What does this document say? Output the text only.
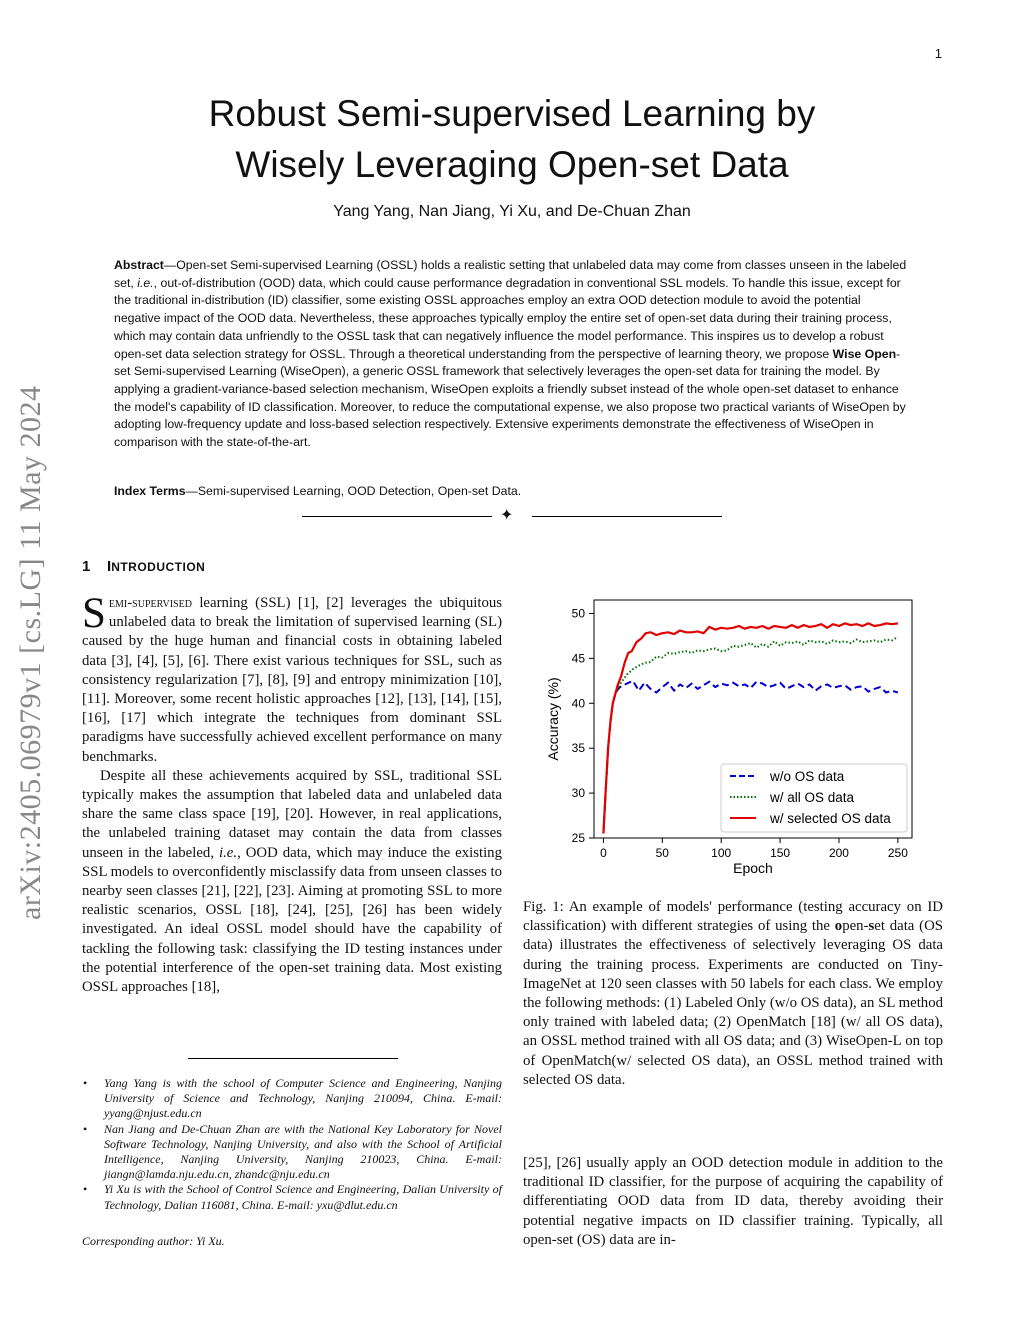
1
Robust Semi-supervised Learning by
Wisely Leveraging Open-set Data
Yang Yang, Nan Jiang, Yi Xu, and De-Chuan Zhan

Abstract—Open-set Semi-supervised Learning (OSSL) holds a realistic setting that unlabeled data may come from classes unseen in the labeled set, i.e., out-of-distribution (OOD) data, which could cause performance degradation in conventional SSL models. To handle this issue, except for the traditional in-distribution (ID) classifier, some existing OSSL approaches employ an extra OOD detection module to avoid the potential negative impact of the OOD data. Nevertheless, these approaches typically employ the entire set of open-set data during their training process, which may contain data unfriendly to the OSSL task that can negatively influence the model performance. This inspires us to develop a robust open-set data selection strategy for OSSL. Through a theoretical understanding from the perspective of learning theory, we propose Wise Open-set Semi-supervised Learning (WiseOpen), a generic OSSL framework that selectively leverages the open-set data for training the model. By applying a gradient-variance-based selection mechanism, WiseOpen exploits a friendly subset instead of the whole open-set dataset to enhance the model's capability of ID classification. Moreover, to reduce the computational expense, we also propose two practical variants of WiseOpen by adopting low-frequency update and loss-based selection respectively. Extensive experiments demonstrate the effectiveness of WiseOpen in comparison with the state-of-the-art.

Index Terms—Semi-supervised Learning, OOD Detection, Open-set Data.

✦
arXiv:2405.06979v1 [cs.LG] 11 May 2024 1 INTRODUCTION

Semi-supervised learning (SSL) [1], [2] leverages the ubiquitous unlabeled data to break the limitation of supervised learning (SL) caused by the huge human and financial costs in obtaining labeled data [3], [4], [5], [6]. There exist various techniques for SSL, such as consistency regularization [7], [8], [9] and entropy minimization [10], [11]. Moreover, some recent holistic approaches [12], [13], [14], [15], [16], [17] which integrate the techniques from dominant SSL paradigms have successfully achieved excellent performance on many benchmarks.

Despite all these achievements acquired by SSL, traditional SSL typically makes the assumption that labeled data and unlabeled data share the same class space [19], [20]. However, in real applications, the unlabeled training dataset may contain the data from classes unseen in the labeled, i.e., OOD data, which may induce the existing SSL models to overconfidently misclassify data from unseen classes to nearby seen classes [21], [22], [23]. Aiming at promoting SSL to more realistic scenarios, OSSL [18], [24], [25], [26] has been widely investigated. An ideal OSSL model should have the capability of tackling the following task: classifying the ID testing instances under the potential interference of the open-set training data. Most existing OSSL approaches [18],

• Yang Yang is with the school of Computer Science and Engineering, Nanjing University of Science and Technology, Nanjing 210094, China. E-mail: yyang@njust.edu.cn
• Nan Jiang and De-Chuan Zhan are with the National Key Laboratory for Novel Software Technology, Nanjing University, and also with the School of Artificial Intelligence, Nanjing University, Nanjing 210023, China. E-mail: jiangn@lamda.nju.edu.cn, zhandc@nju.edu.cn
• Yi Xu is with the School of Control Science and Engineering, Dalian University of Technology, Dalian 116081, China. E-mail: yxu@dlut.edu.cn
Corresponding author: Yi Xu.
0	50	100	150	200	250
25
30
35
40
45
50
Epoch
Accuracy (%)
w/o OS data
w/ all OS data
w/ selected OS data

Fig. 1: An example of models' performance (testing accuracy on ID classification) with different strategies of using the open-set data (OS data) illustrates the effectiveness of selectively leveraging OS data during the training process. Experiments are conducted on Tiny-ImageNet at 120 seen classes with 50 labels for each class. We employ the following methods: (1) Labeled Only (w/o OS data), an SL method only trained with labeled data; (2) OpenMatch [18] (w/ all OS data), an OSSL method trained with all OS data; and (3) WiseOpen-L on top of OpenMatch(w/ selected OS data), an OSSL method trained with selected OS data.

[25], [26] usually apply an OOD detection module in addition to the traditional ID classifier, for the purpose of acquiring the capability of differentiating OOD data from ID data, thereby avoiding their potential negative impacts on ID classifier training. Typically, all open-set (OS) data are in-
